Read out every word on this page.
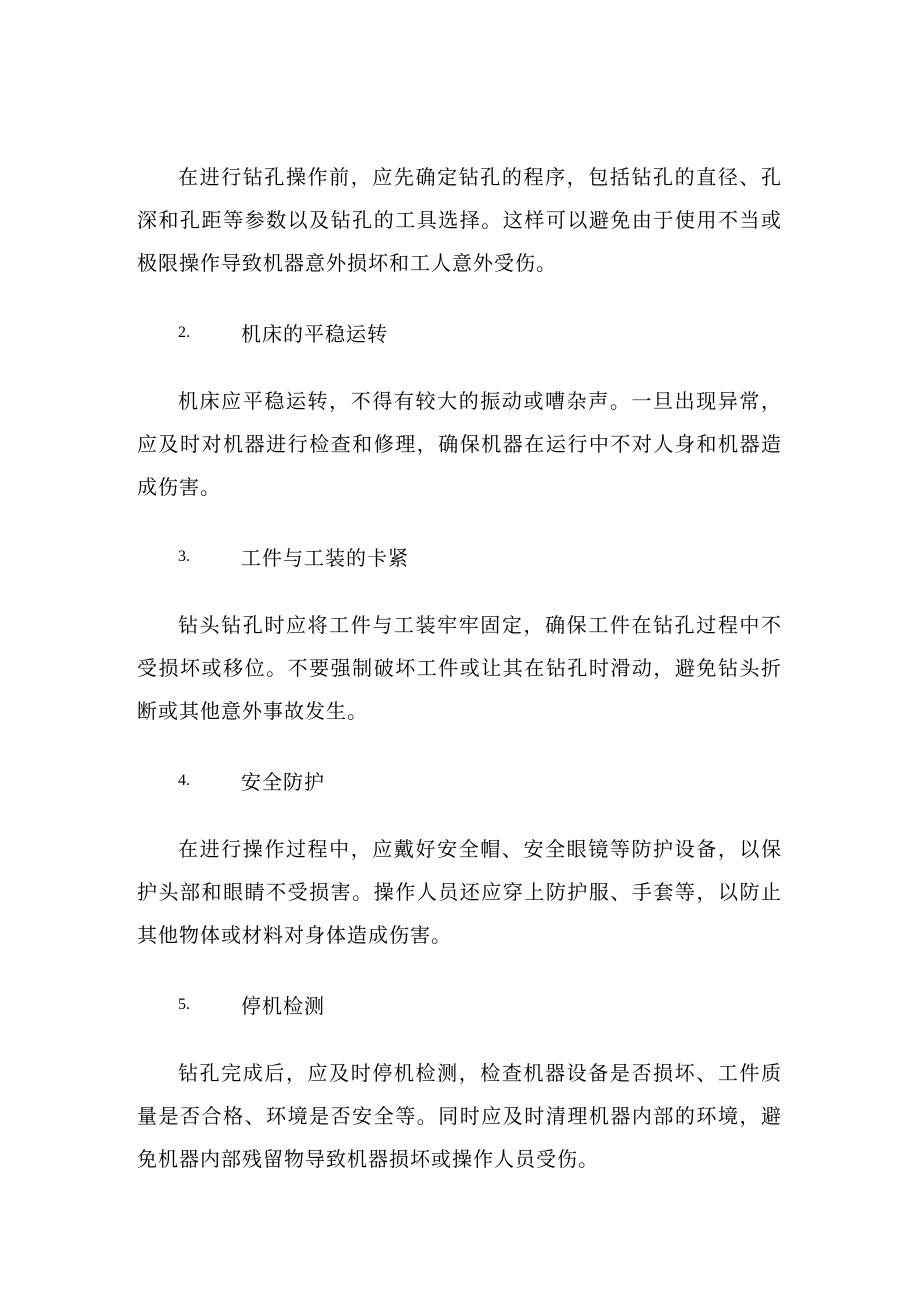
在进行钻孔操作前，应先确定钻孔的程序，包括钻孔的直径、孔深和孔距等参数以及钻孔的工具选择。这样可以避免由于使用不当或极限操作导致机器意外损坏和工人意外受伤。

2.	机床的平稳运转

机床应平稳运转，不得有较大的振动或嘈杂声。一旦出现异常，应及时对机器进行检查和修理，确保机器在运行中不对人身和机器造成伤害。

3.	工件与工装的卡紧

钻头钻孔时应将工件与工装牢牢固定，确保工件在钻孔过程中不受损坏或移位。不要强制破坏工件或让其在钻孔时滑动，避免钻头折断或其他意外事故发生。

4.	安全防护

在进行操作过程中，应戴好安全帽、安全眼镜等防护设备，以保护头部和眼睛不受损害。操作人员还应穿上防护服、手套等，以防止其他物体或材料对身体造成伤害。

5.	停机检测

钻孔完成后，应及时停机检测，检查机器设备是否损坏、工件质量是否合格、环境是否安全等。同时应及时清理机器内部的环境，避免机器内部残留物导致机器损坏或操作人员受伤。
